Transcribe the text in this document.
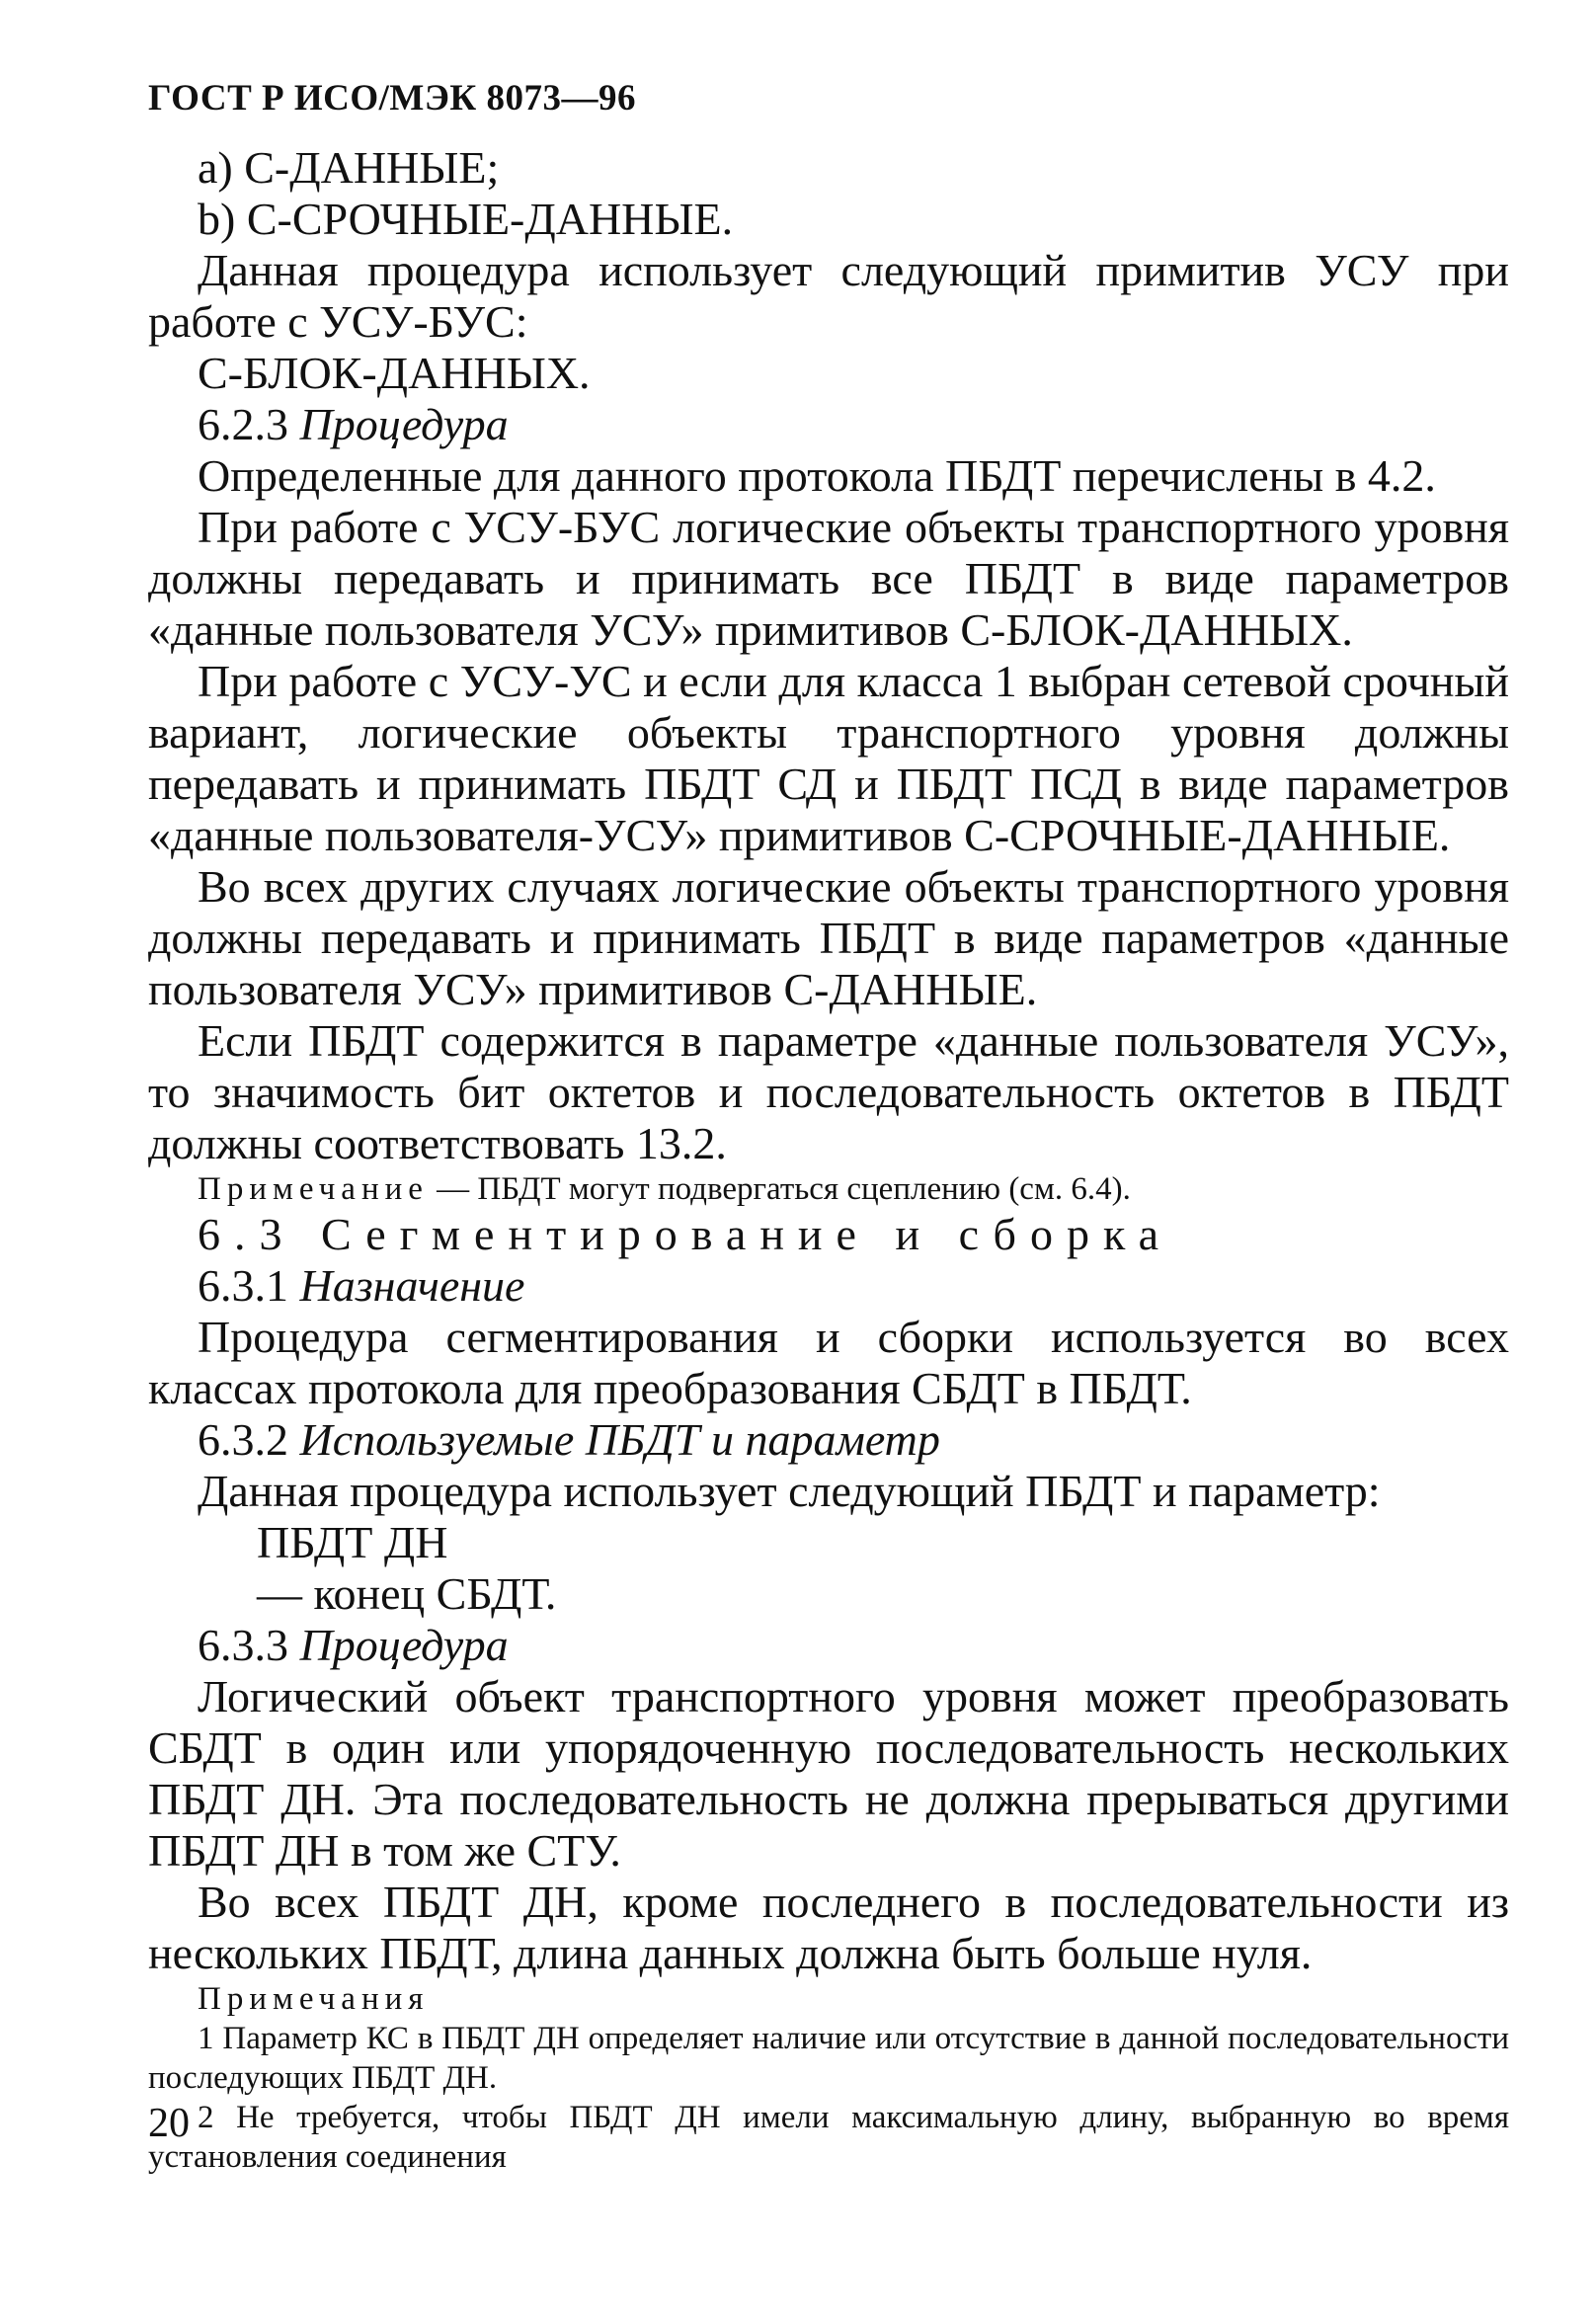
ГОСТ Р ИСО/МЭК 8073—96

а) С-ДАННЫЕ;

b) С-СРОЧНЫЕ-ДАННЫЕ.

Данная процедура использует следующий примитив УСУ при работе с УСУ-БУС:

С-БЛОК-ДАННЫХ.

6.2.3 Процедура

Определенные для данного протокола ПБДТ перечислены в 4.2.

При работе с УСУ-БУС логические объекты транспортного уровня должны передавать и принимать все ПБДТ в виде параметров «данные пользователя УСУ» примитивов С-БЛОК-ДАННЫХ.

При работе с УСУ-УС и если для класса 1 выбран сетевой срочный вариант, логические объекты транспортного уровня должны передавать и принимать ПБДТ СД и ПБДТ ПСД в виде параметров «данные пользователя-УСУ» примитивов С-СРОЧНЫЕ-ДАННЫЕ.

Во всех других случаях логические объекты транспортного уровня должны передавать и принимать ПБДТ в виде параметров «данные пользователя УСУ» примитивов С-ДАННЫЕ.

Если ПБДТ содержится в параметре «данные пользователя УСУ», то значимость бит октетов и последовательность октетов в ПБДТ должны соответствовать 13.2.

Примечание — ПБДТ могут подвергаться сцеплению (см. 6.4).

6.3 Сегментирование и сборка

6.3.1 Назначение

Процедура сегментирования и сборки используется во всех классах протокола для преобразования СБДТ в ПБДТ.

6.3.2 Используемые ПБДТ и параметр

Данная процедура использует следующий ПБДТ и параметр:

ПБДТ ДН

— конец СБДТ.

6.3.3 Процедура

Логический объект транспортного уровня может преобразовать СБДТ в один или упорядоченную последовательность нескольких ПБДТ ДН. Эта последовательность не должна прерываться другими ПБДТ ДН в том же СТУ.

Во всех ПБДТ ДН, кроме последнего в последовательности из нескольких ПБДТ, длина данных должна быть больше нуля.

Примечания

1 Параметр КС в ПБДТ ДН определяет наличие или отсутствие в данной последовательности последующих ПБДТ ДН.

2 Не требуется, чтобы ПБДТ ДН имели максимальную длину, выбранную во время установления соединения

20
